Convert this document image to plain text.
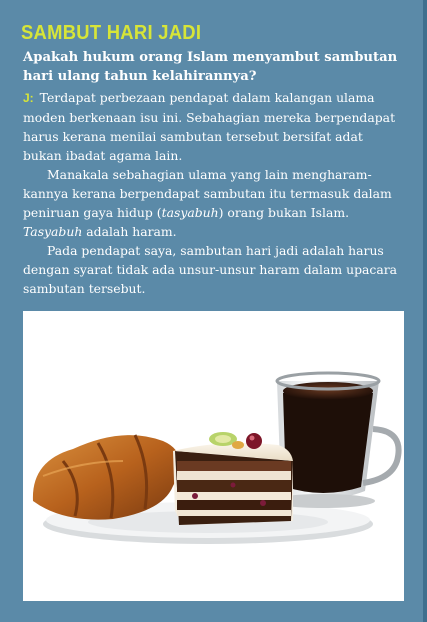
SAMBUT HARI JADI

Apakah hukum orang Islam menyambut sambutan hari ulang tahun kelahirannya?

J: Terdapat perbezaan pendapat dalam kalangan ulama moden berkenaan isu ini. Sebahagian mereka berpendapat harus kerana menilai sambutan tersebut bersifat adat bukan ibadat agama lain.

Manakala sebahagian ulama yang lain mengharamkannya kerana berpendapat sambutan itu termasuk dalam peniruan gaya hidup (tasyabuh) orang bukan Islam. Tasyabuh adalah haram.

Pada pendapat saya, sambutan hari jadi adalah harus dengan syarat tidak ada unsur-unsur haram dalam upacara sambutan tersebut.
